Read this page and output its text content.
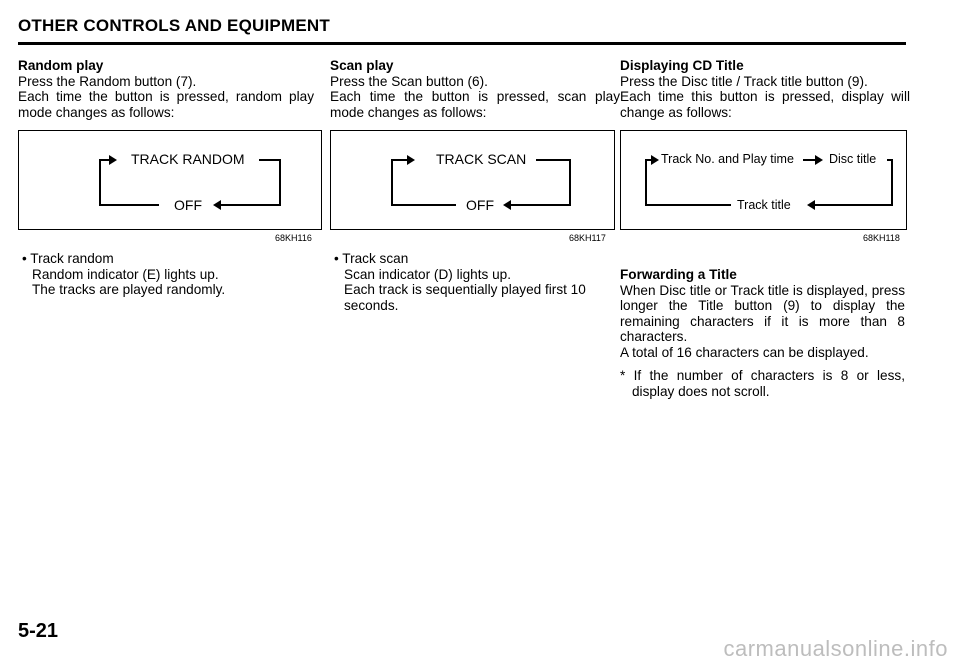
OTHER CONTROLS AND EQUIPMENT
Random play
Press the Random button (7).
Each time the button is pressed, random play mode changes as follows:
TRACK RANDOM
OFF
68KH116
• Track random
Random indicator (E) lights up.
The tracks are played randomly.
Scan play
Press the Scan button (6).
Each time the button is pressed, scan play mode changes as follows:
TRACK SCAN
OFF
68KH117
• Track scan
Scan indicator (D) lights up.
Each track is sequentially played first 10 seconds.
Displaying CD Title
Press the Disc title / Track title button (9).
Each time this button is pressed, display will change as follows:
Track No. and Play time	Disc title
Track title
68KH118
Forwarding a Title
When Disc title or Track title is displayed, press longer the Title button (9) to display the remaining characters if it is more than 8 characters.
A total of 16 characters can be displayed.
* If the number of characters is 8 or less, display does not scroll.
5-21
carmanualsonline.info
